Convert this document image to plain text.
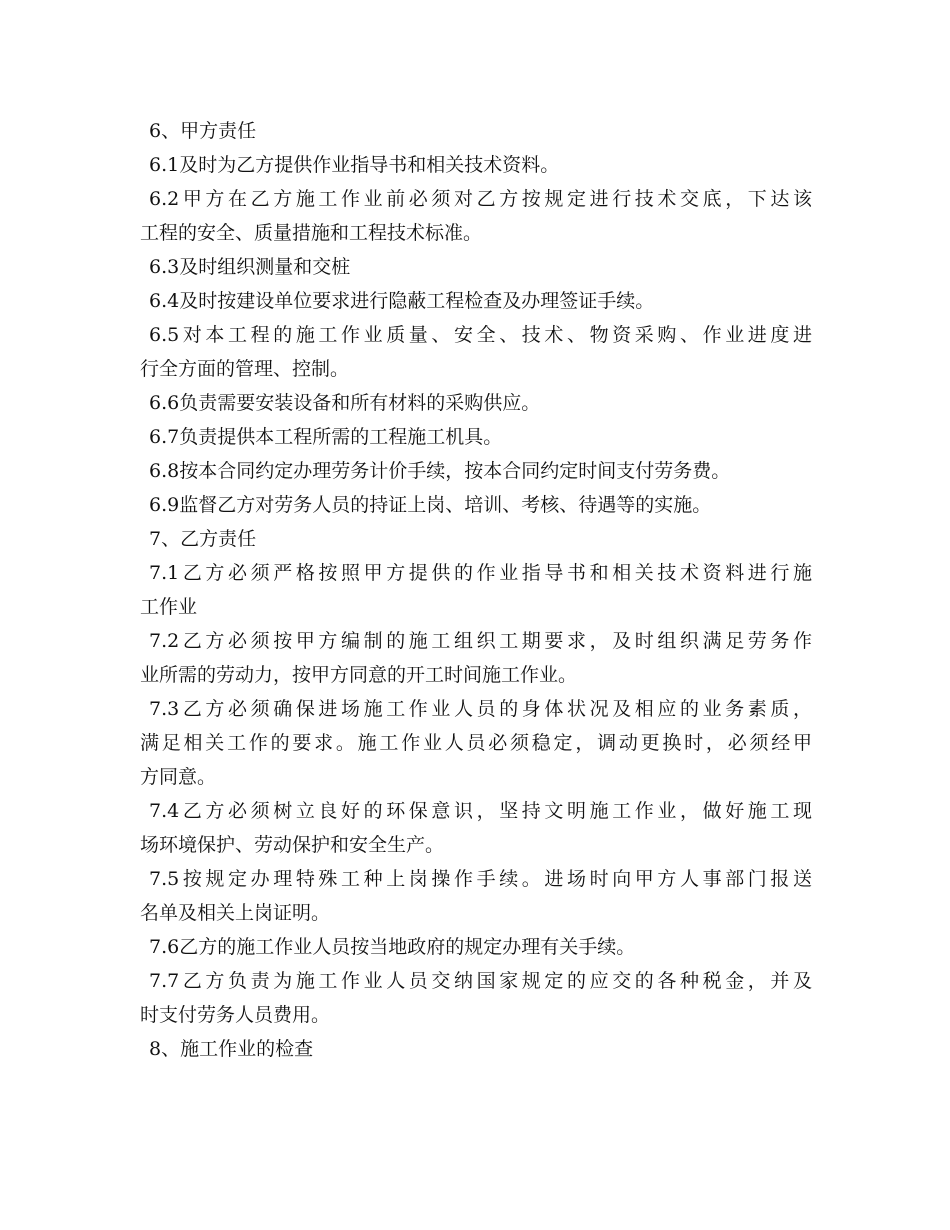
6、甲方责任
6.1及时为乙方提供作业指导书和相关技术资料。
6.2甲方在乙方施工作业前必须对乙方按规定进行技术交底，下达该
工程的安全、质量措施和工程技术标准。
6.3及时组织测量和交桩
6.4及时按建设单位要求进行隐蔽工程检查及办理签证手续。
6.5对本工程的施工作业质量、安全、技术、物资采购、作业进度进
行全方面的管理、控制。
6.6负责需要安装设备和所有材料的采购供应。
6.7负责提供本工程所需的工程施工机具。
6.8按本合同约定办理劳务计价手续，按本合同约定时间支付劳务费。
6.9监督乙方对劳务人员的持证上岗、培训、考核、待遇等的实施。
7、乙方责任
7.1乙方必须严格按照甲方提供的作业指导书和相关技术资料进行施
工作业
7.2乙方必须按甲方编制的施工组织工期要求，及时组织满足劳务作
业所需的劳动力，按甲方同意的开工时间施工作业。
7.3乙方必须确保进场施工作业人员的身体状况及相应的业务素质，
满足相关工作的要求。施工作业人员必须稳定，调动更换时，必须经甲
方同意。
7.4乙方必须树立良好的环保意识，坚持文明施工作业，做好施工现
场环境保护、劳动保护和安全生产。
7.5按规定办理特殊工种上岗操作手续。进场时向甲方人事部门报送
名单及相关上岗证明。
7.6乙方的施工作业人员按当地政府的规定办理有关手续。
7.7乙方负责为施工作业人员交纳国家规定的应交的各种税金，并及
时支付劳务人员费用。
8、施工作业的检查
